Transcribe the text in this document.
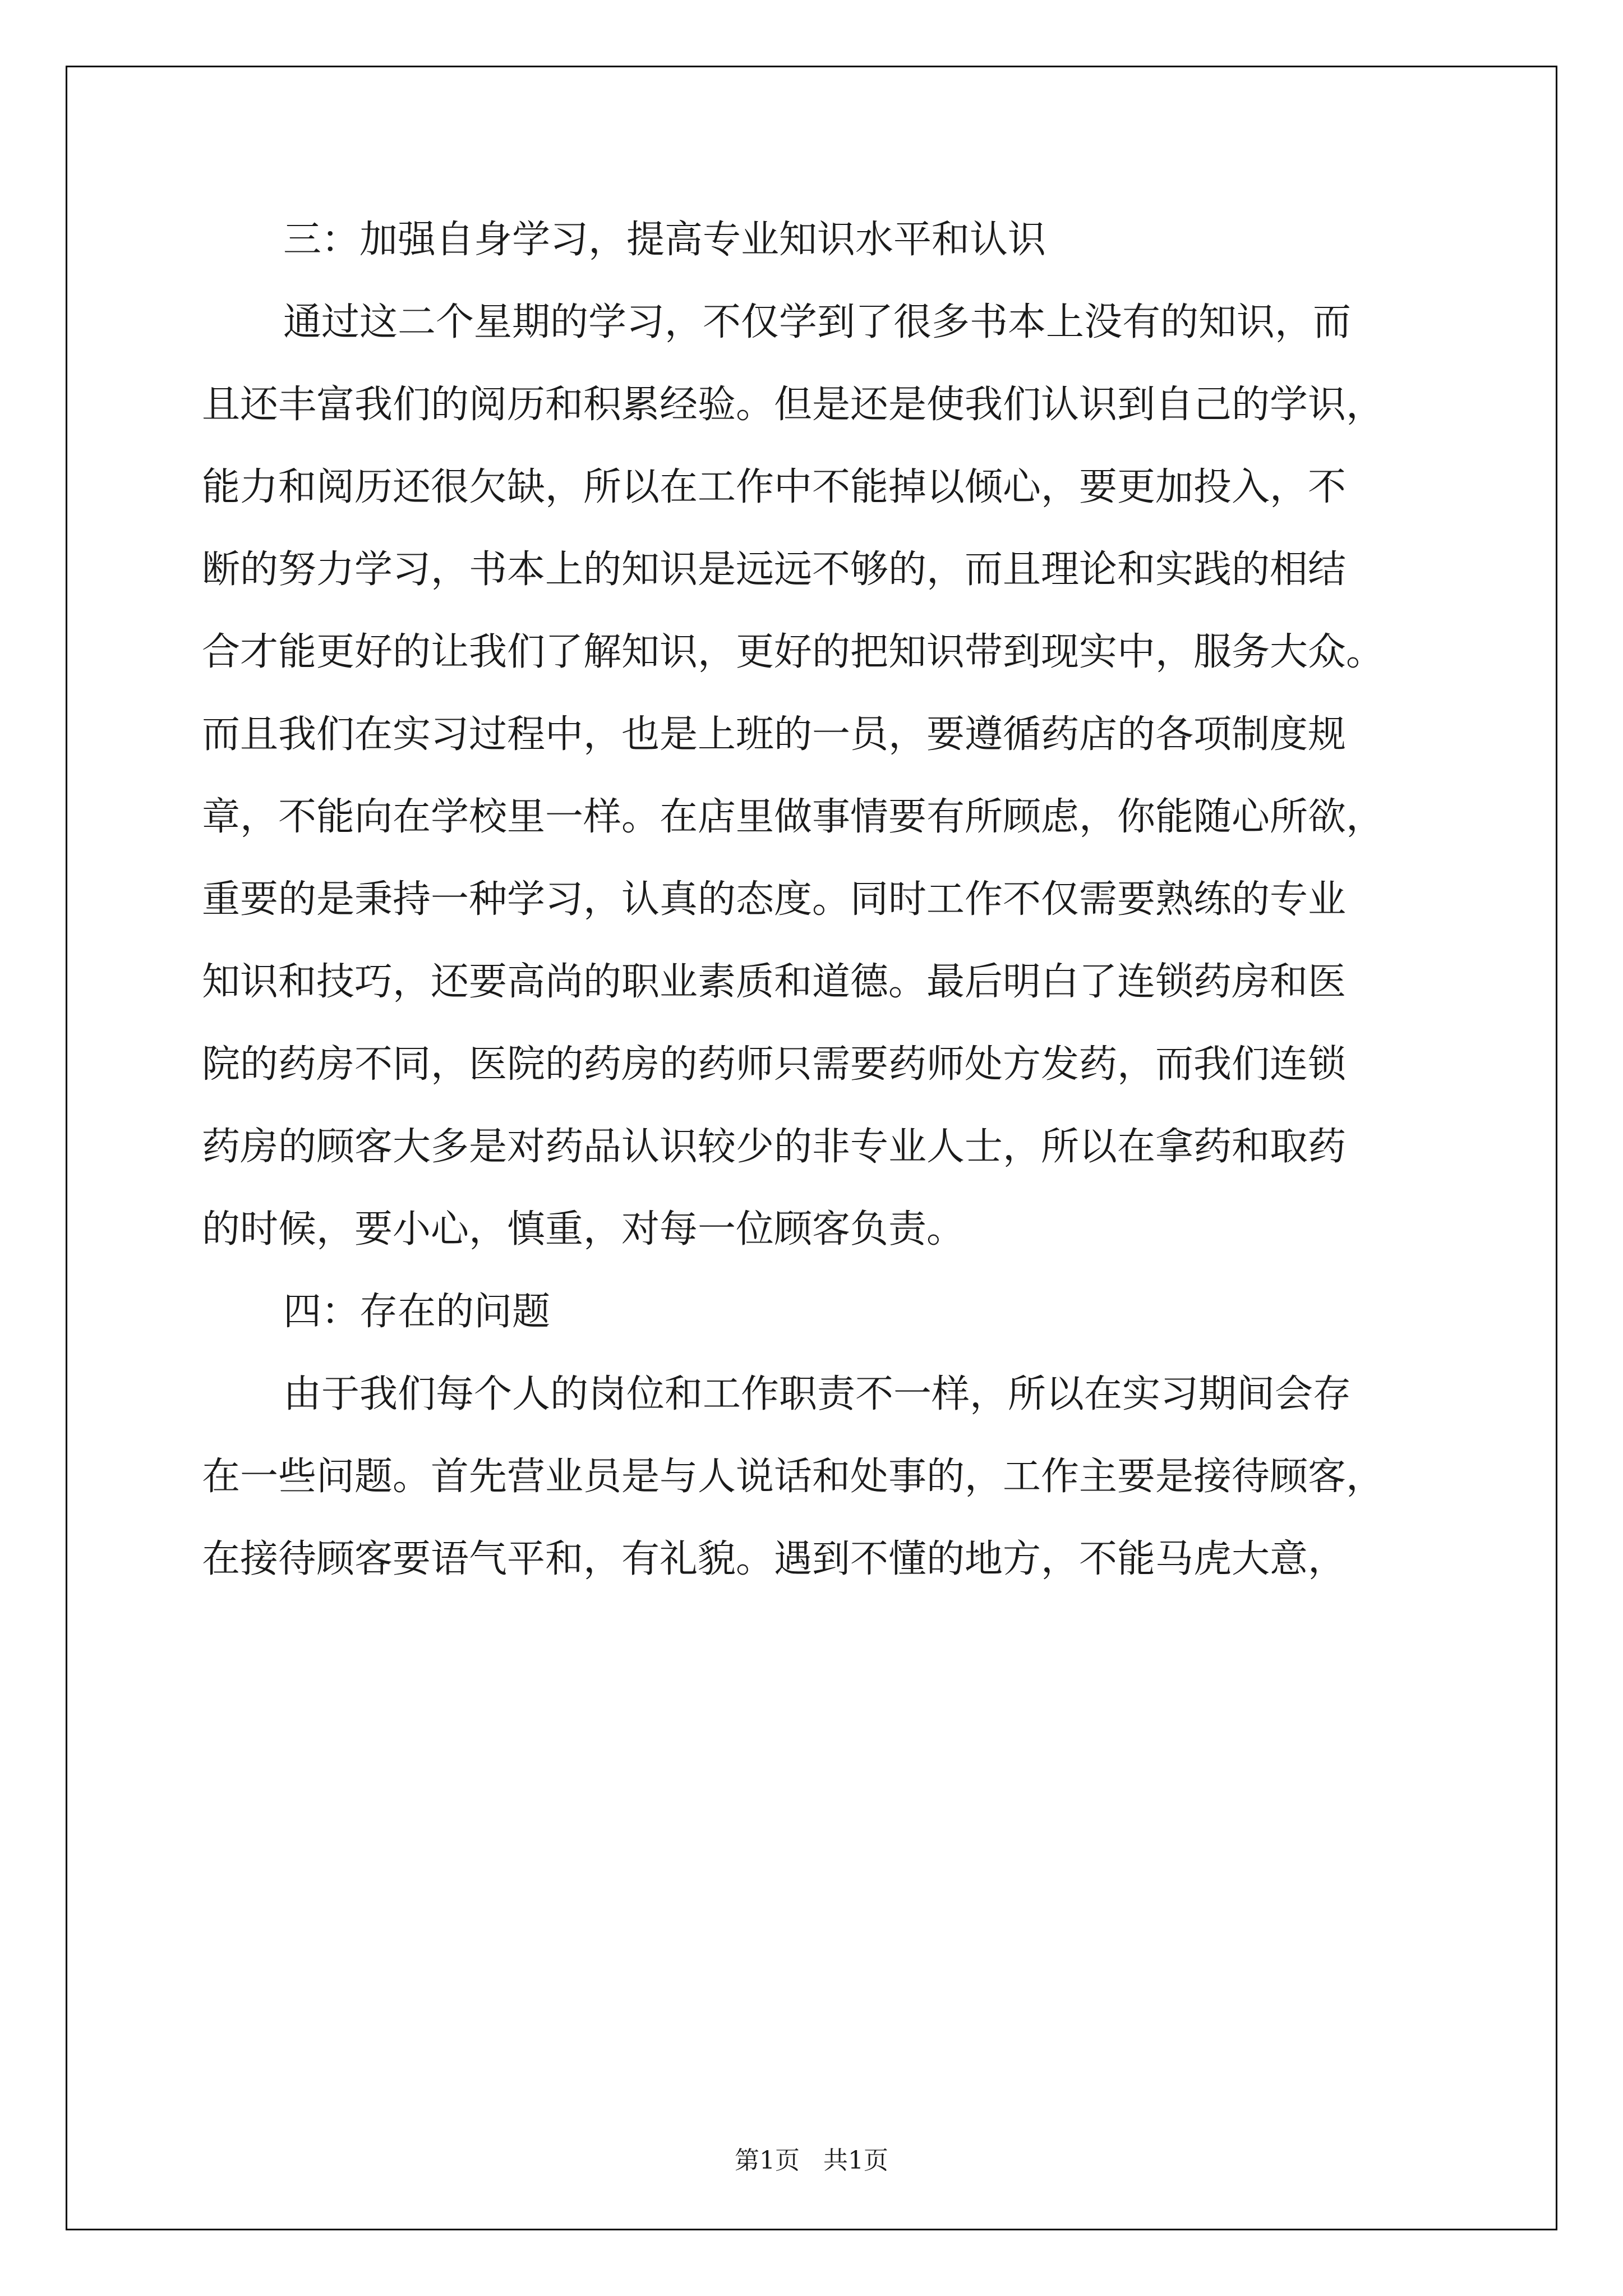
三：加强自身学习，提高专业知识水平和认识
通过这二个星期的学习，不仅学到了很多书本上没有的知识，而
且还丰富我们的阅历和积累经验。但是还是使我们认识到自己的学识，
能力和阅历还很欠缺，所以在工作中不能掉以倾心，要更加投入，不
断的努力学习，书本上的知识是远远不够的，而且理论和实践的相结
合才能更好的让我们了解知识，更好的把知识带到现实中，服务大众。
而且我们在实习过程中，也是上班的一员，要遵循药店的各项制度规
章，不能向在学校里一样。在店里做事情要有所顾虑，你能随心所欲，
重要的是秉持一种学习，认真的态度。同时工作不仅需要熟练的专业
知识和技巧，还要高尚的职业素质和道德。最后明白了连锁药房和医
院的药房不同，医院的药房的药师只需要药师处方发药，而我们连锁
药房的顾客大多是对药品认识较少的非专业人士，所以在拿药和取药
的时候，要小心，慎重，对每一位顾客负责。
四：存在的问题
由于我们每个人的岗位和工作职责不一样，所以在实习期间会存
在一些问题。首先营业员是与人说话和处事的，工作主要是接待顾客，
在接待顾客要语气平和，有礼貌。遇到不懂的地方，不能马虎大意，
第1页   共1页
